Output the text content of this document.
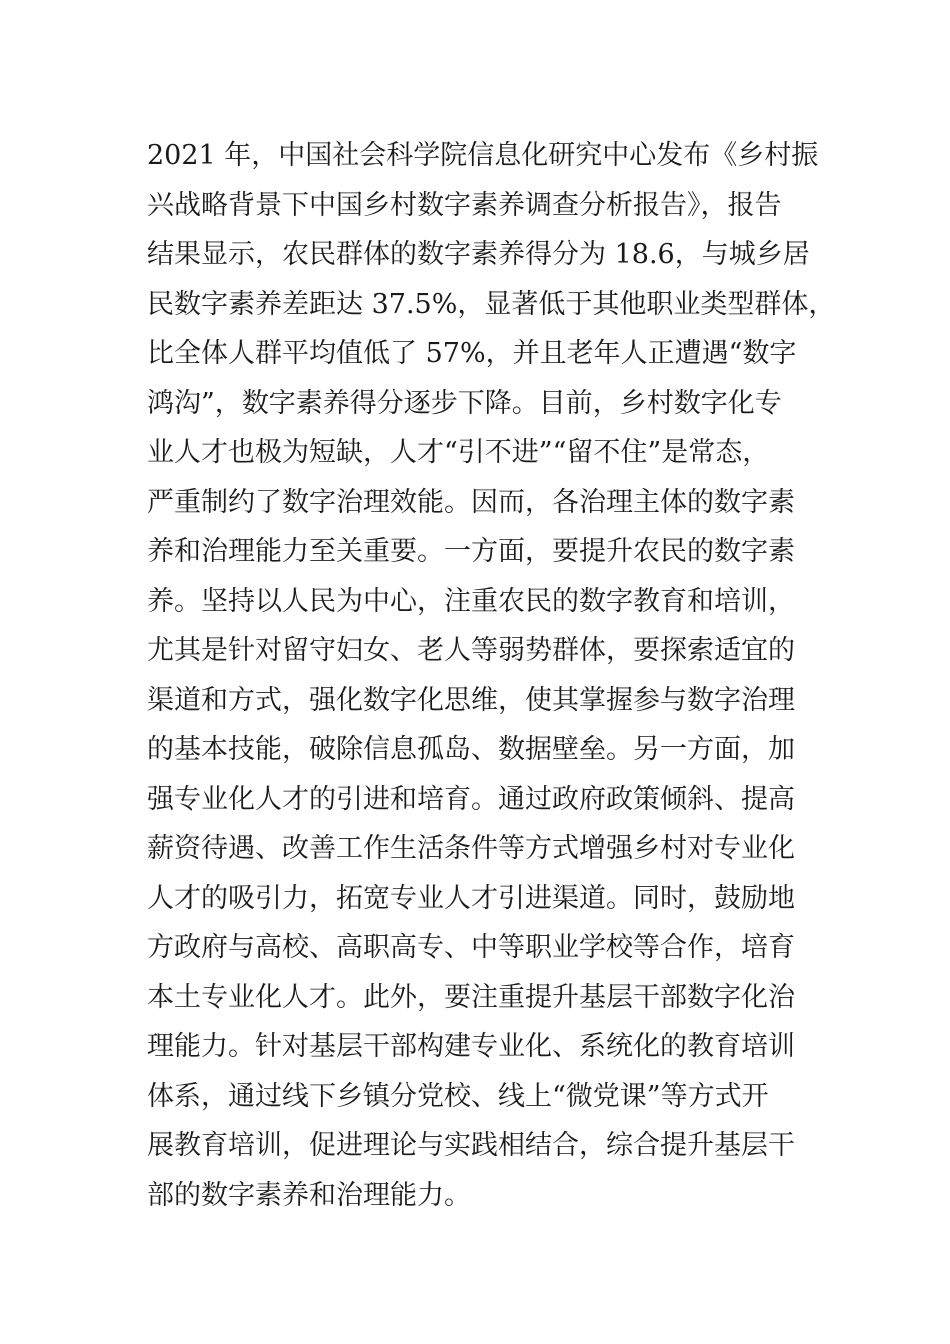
2021 年，中国社会科学院信息化研究中心发布《乡村振
兴战略背景下中国乡村数字素养调查分析报告》，报告
结果显示，农民群体的数字素养得分为 18.6，与城乡居
民数字素养差距达 37.5%，显著低于其他职业类型群体，
比全体人群平均值低了 57%，并且老年人正遭遇“数字
鸿沟”，数字素养得分逐步下降。目前，乡村数字化专
业人才也极为短缺，人才“引不进”“留不住”是常态，
严重制约了数字治理效能。因而，各治理主体的数字素
养和治理能力至关重要。一方面，要提升农民的数字素
养。坚持以人民为中心，注重农民的数字教育和培训，
尤其是针对留守妇女、老人等弱势群体，要探索适宜的
渠道和方式，强化数字化思维，使其掌握参与数字治理
的基本技能，破除信息孤岛、数据壁垒。另一方面，加
强专业化人才的引进和培育。通过政府政策倾斜、提高
薪资待遇、改善工作生活条件等方式增强乡村对专业化
人才的吸引力，拓宽专业人才引进渠道。同时，鼓励地
方政府与高校、高职高专、中等职业学校等合作，培育
本土专业化人才。此外，要注重提升基层干部数字化治
理能力。针对基层干部构建专业化、系统化的教育培训
体系，通过线下乡镇分党校、线上“微党课”等方式开
展教育培训，促进理论与实践相结合，综合提升基层干
部的数字素养和治理能力。
